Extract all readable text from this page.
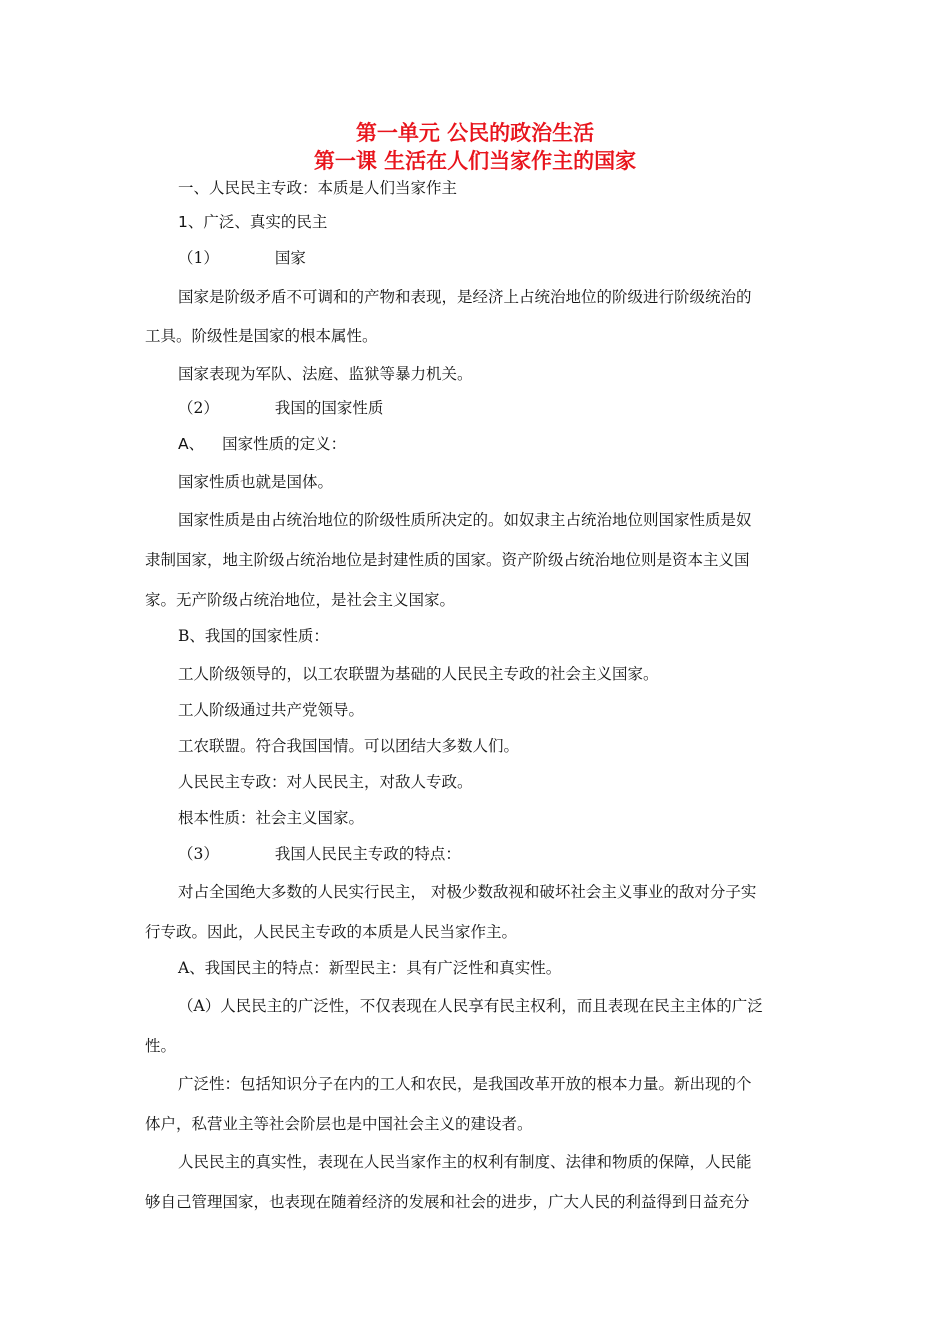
第一单元 公民的政治生活
第一课 生活在人们当家作主的国家
一、人民民主专政：本质是人们当家作主
1、广泛、真实的民主
（1）	国家
国家是阶级矛盾不可调和的产物和表现，是经济上占统治地位的阶级进行阶级统治的
工具。阶级性是国家的根本属性。
国家表现为军队、法庭、监狱等暴力机关。
（2）	我国的国家性质
A、 国家性质的定义：
国家性质也就是国体。
国家性质是由占统治地位的阶级性质所决定的。如奴隶主占统治地位则国家性质是奴
隶制国家，地主阶级占统治地位是封建性质的国家。资产阶级占统治地位则是资本主义国
家。无产阶级占统治地位，是社会主义国家。
B、我国的国家性质：
工人阶级领导的，以工农联盟为基础的人民民主专政的社会主义国家。
工人阶级通过共产党领导。
工农联盟。符合我国国情。可以团结大多数人们。
人民民主专政：对人民民主，对敌人专政。
根本性质：社会主义国家。
（3）	我国人民民主专政的特点：
对占全国绝大多数的人民实行民主， 对极少数敌视和破坏社会主义事业的敌对分子实
行专政。因此，人民民主专政的本质是人民当家作主。
A、我国民主的特点：新型民主：具有广泛性和真实性。
（A）人民民主的广泛性，不仅表现在人民享有民主权利，而且表现在民主主体的广泛
性。
广泛性：包括知识分子在内的工人和农民，是我国改革开放的根本力量。新出现的个
体户，私营业主等社会阶层也是中国社会主义的建设者。
人民民主的真实性，表现在人民当家作主的权利有制度、法律和物质的保障，人民能
够自己管理国家，也表现在随着经济的发展和社会的进步，广大人民的利益得到日益充分
